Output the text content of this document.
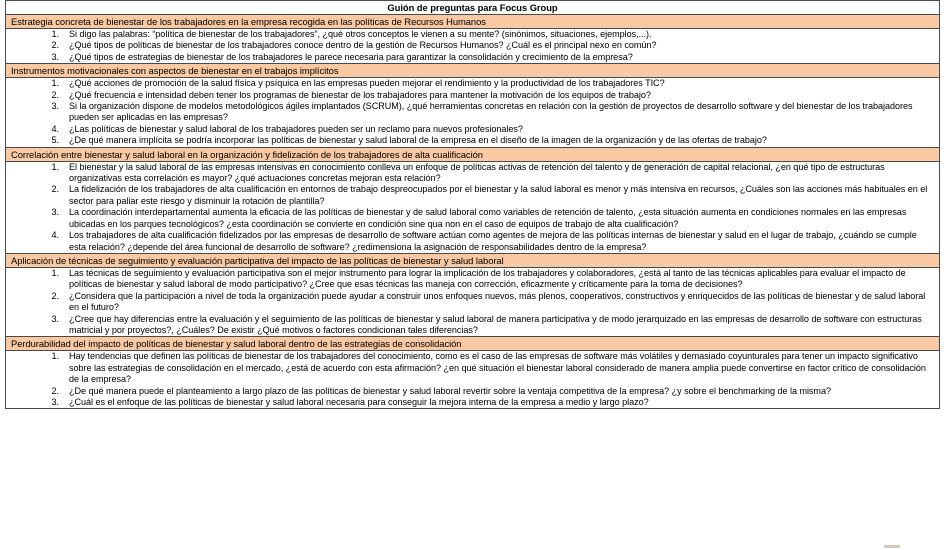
Guión de preguntas para Focus Group
Estrategia concreta de bienestar de los trabajadores en la empresa recogida en las políticas de Recursos Humanos
1.	Si digo las palabras: “política de bienestar de los trabajadores”, ¿qué otros conceptos le vienen a su mente? (sinónimos, situaciones, ejemplos,...).
2.	¿Qué tipos de políticas de bienestar de los trabajadores conoce dentro de la gestión de Recursos Humanos? ¿Cuál es el principal nexo en común?
3.	¿Qué tipos de estrategias de bienestar de los trabajadores le parece necesaria para garantizar la consolidación y crecimiento de la empresa?
Instrumentos motivacionales con aspectos de bienestar en el trabajos implícitos
1.	¿Qué acciones de promoción de la salud física y psíquica en las empresas pueden mejorar el rendimiento y la productividad de los trabajadores TIC?
2.	¿Qué frecuencia e intensidad deben tener los programas de bienestar de los trabajadores para mantener la motivación de los equipos de trabajo?
3.	Si la organización dispone de modelos metodológicos ágiles implantados (SCRUM), ¿qué herramientas concretas en relación con la gestión de proyectos de desarrollo software y del bienestar de los trabajadores pueden ser aplicadas en las empresas?
4.	¿Las políticas de bienestar y salud laboral de los trabajadores pueden ser un reclamo para nuevos profesionales?
5.	¿De qué manera implícita se podría incorporar las políticas de bienestar y salud laboral de la empresa en el diseño de la imagen de la organización y de las ofertas de trabajo?
Correlación entre bienestar y salud laboral en la organización y fidelización de los trabajadores de alta cualificación
1.	El bienestar y la salud laboral de las empresas intensivas en conocimiento conlleva un enfoque de políticas activas de retención del talento y de generación de capital relacional, ¿en qué tipo de estructuras organizativas esta correlación es mayor? ¿qué actuaciones concretas mejoran esta relación?
2.	La fidelización de los trabajadores de alta cualificación en entornos de trabajo despreocupados por el bienestar y la salud laboral es menor y más intensiva en recursos, ¿Cuáles son las acciones más habituales en el sector para paliar este riesgo y disminuir la rotación de plantilla?
3.	La coordinación interdepartamental aumenta la eficacia de las políticas de bienestar y de salud laboral como variables de retención de talento, ¿esta situación aumenta en condiciones normales en las empresas ubicadas en los parques tecnológicos? ¿esta coordinación se convierte en condición sine qua non en el caso de equipos de trabajo de alta cualificación?
4.	Los trabajadores de alta cualificación fidelizados por las empresas de desarrollo de software actúan como agentes de mejora de las políticas internas de bienestar y salud en el lugar de trabajo, ¿cuándo se cumple esta relación? ¿depende del área funcional de desarrollo de software? ¿redimensiona la asignación de responsabilidades dentro de la empresa?
Aplicación de técnicas de seguimiento y evaluación participativa del impacto de las políticas de bienestar y salud laboral
1.	Las técnicas de seguimiento y evaluación participativa son el mejor instrumento para lograr la implicación de los trabajadores y colaboradores, ¿está al tanto de las técnicas aplicables para evaluar el impacto de políticas de bienestar y salud laboral de modo participativo? ¿Cree que esas técnicas las maneja con corrección, eficazmente y críticamente para la toma de decisiones?
2.	¿Considera que la participación a nivel de toda la organización puede ayudar a construir unos enfoques nuevos, más plenos, cooperativos, constructivos y enriquecidos de las políticas de bienestar y de salud laboral en el futuro?
3.	¿Cree que hay diferencias entre la evaluación y el seguimiento de las políticas de bienestar y salud laboral de manera participativa y de modo jerarquizado en las empresas de desarrollo de software con estructuras matricial y por proyectos?, ¿Cuáles? De existir ¿Qué motivos o factores condicionan tales diferencias?
Perdurabilidad del impacto de políticas de bienestar y salud laboral dentro de las estrategias de consolidación
1.	Hay tendencias que definen las políticas de bienestar de los trabajadores del conocimiento, como es el caso de las empresas de software más volátiles y demasiado coyunturales para tener un impacto significativo sobre las estrategias de consolidación en el mercado, ¿está de acuerdo con esta afirmación? ¿en qué situación el bienestar laboral considerado de manera amplia puede convertirse en factor crítico de consolidación de la empresa?
2.	¿De qué manera puede el planteamiento a largo plazo de las políticas de bienestar y salud laboral revertir sobre la ventaja competitiva de la empresa? ¿y sobre el benchmarking de la misma?
3.	¿Cuál es el enfoque de las políticas de bienestar y salud laboral necesaria para conseguir la mejora interna de la empresa a medio y largo plazo?
